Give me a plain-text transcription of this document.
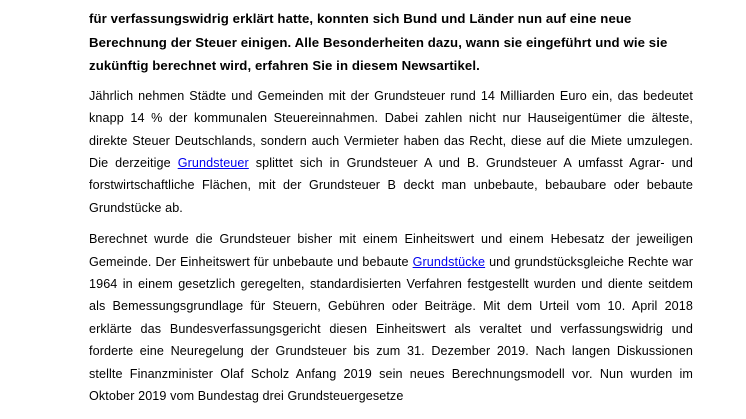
für verfassungswidrig erklärt hatte, konnten sich Bund und Länder nun auf eine neue Berechnung der Steuer einigen. Alle Besonderheiten dazu, wann sie eingeführt und wie sie zukünftig berechnet wird, erfahren Sie in diesem Newsartikel.

Jährlich nehmen Städte und Gemeinden mit der Grundsteuer rund 14 Milliarden Euro ein, das bedeutet knapp 14 % der kommunalen Steuereinnahmen. Dabei zahlen nicht nur Hauseigentümer die älteste, direkte Steuer Deutschlands, sondern auch Vermieter haben das Recht, diese auf die Miete umzulegen. Die derzeitige Grundsteuer splittet sich in Grundsteuer A und B. Grundsteuer A umfasst Agrar- und forstwirtschaftliche Flächen, mit der Grundsteuer B deckt man unbebaute, bebaubare oder bebaute Grundstücke ab.

Berechnet wurde die Grundsteuer bisher mit einem Einheitswert und einem Hebesatz der jeweiligen Gemeinde. Der Einheitswert für unbebaute und bebaute Grundstücke und grundstücksgleiche Rechte war 1964 in einem gesetzlich geregelten, standardisierten Verfahren festgestellt wurden und diente seitdem als Bemessungsgrundlage für Steuern, Gebühren oder Beiträge. Mit dem Urteil vom 10. April 2018 erklärte das Bundesverfassungsgericht diesen Einheitswert als veraltet und verfassungswidrig und forderte eine Neuregelung der Grundsteuer bis zum 31. Dezember 2019. Nach langen Diskussionen stellte Finanzminister Olaf Scholz Anfang 2019 sein neues Berechnungsmodell vor. Nun wurden im Oktober 2019 vom Bundestag drei Grundsteuergesetze
